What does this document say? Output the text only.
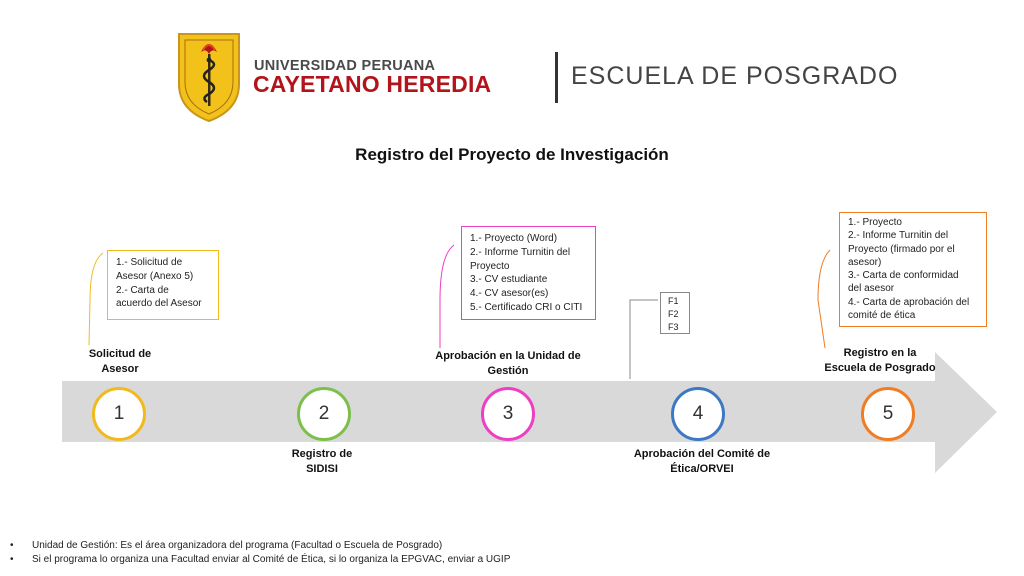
UNIVERSIDAD PERUANA
CAYETANO HEREDIA	ESCUELA DE POSGRADO
Registro del Proyecto de Investigación
1	2	3	4	5
Solicitud de
Asesor
Registro de
SIDISI
Aprobación en la Unidad de
Gestión
Aprobación del Comité de
Ética/ORVEI
Registro en la
Escuela de Posgrado
1.- Solicitud de
Asesor (Anexo 5)
2.- Carta de
acuerdo del Asesor
1.- Proyecto (Word)
2.- Informe Turnitin del
Proyecto
3.- CV estudiante
4.- CV asesor(es)
5.- Certificado CRI o CITI
F1
F2
F3
1.- Proyecto
2.- Informe Turnitin del
Proyecto (firmado por el
asesor)
3.- Carta de conformidad
del asesor
4.- Carta de aprobación del
comité de ética
•	Unidad de Gestión: Es el área organizadora del programa (Facultad o Escuela de Posgrado)
•	Si el programa lo organiza una Facultad enviar al Comité de Ética, si lo organiza la EPGVAC, enviar a UGIP
